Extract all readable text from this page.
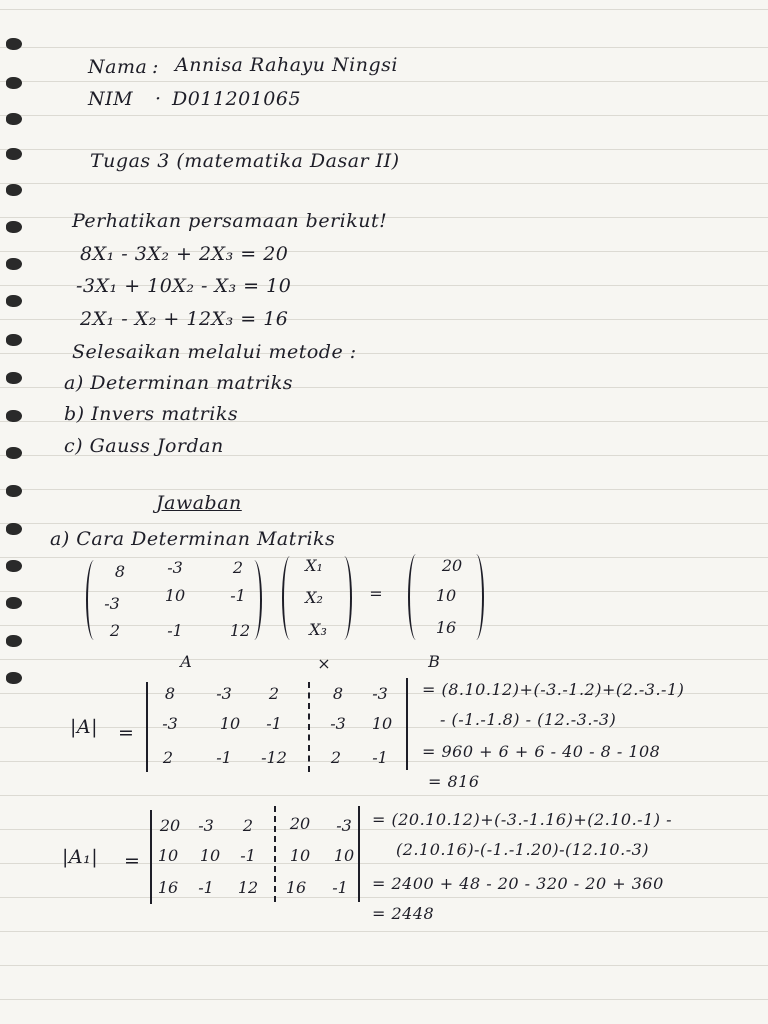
Nama : Annisa Rahayu Ningsi
NIM · D011201065
Tugas 3 (matematika Dasar II)
Perhatikan persamaan berikut!
8X₁ - 3X₂ + 2X₃ = 20
-3X₁ + 10X₂ - X₃ = 10
2X₁ - X₂ + 12X₃ = 16
Selesaikan melalui metode :
a) Determinan matriks
b) Invers matriks
c) Gauss Jordan
Jawaban
a) Cara Determinan Matriks
8	-3	2
-3	10	-1
2	-1	12
X₁
X₂
X₃
=
20
10
16
A	×	B
|A| =
8	-3	2	8	-3
-3	10	-1	-3	10
2	-1	-12	2	-1
= (8.10.12)+(-3.-1.2)+(2.-3.-1)
- (-1.-1.8) - (12.-3.-3)
= 960 + 6 + 6 - 40 - 8 - 108
= 816
|A₁| =
20	-3	2	20	-3
10	10	-1	10	10
16	-1	12	16	-1
= (20.10.12)+(-3.-1.16)+(2.10.-1) -
(2.10.16)-(-1.-1.20)-(12.10.-3)
= 2400 + 48 - 20 - 320 - 20 + 360
= 2448
